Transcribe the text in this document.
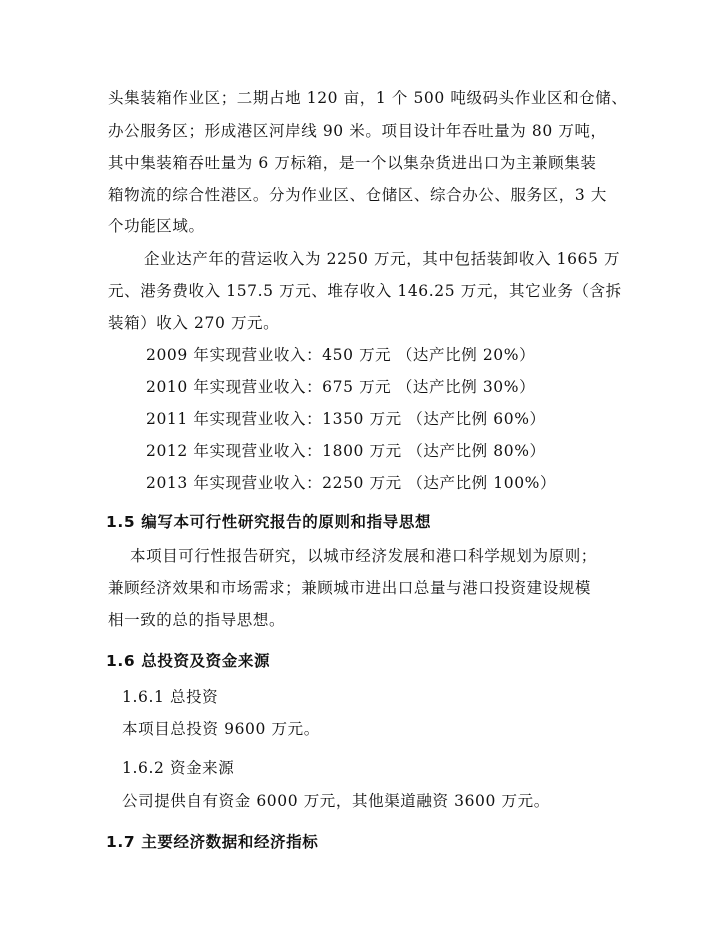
头集装箱作业区；二期占地 120 亩，1 个 500 吨级码头作业区和仓储、
办公服务区；形成港区河岸线 90 米。项目设计年吞吐量为 80 万吨，
其中集装箱吞吐量为 6 万标箱，是一个以集杂货进出口为主兼顾集装
箱物流的综合性港区。分为作业区、仓储区、综合办公、服务区，3 大
个功能区域。
企业达产年的营运收入为 2250 万元，其中包括装卸收入 1665 万
元、港务费收入 157.5 万元、堆存收入 146.25 万元，其它业务（含拆
装箱）收入 270 万元。
2009 年实现营业收入：450 万元 （达产比例 20%）
2010 年实现营业收入：675 万元 （达产比例 30%）
2011 年实现营业收入：1350 万元 （达产比例 60%）
2012 年实现营业收入：1800 万元 （达产比例 80%）
2013 年实现营业收入：2250 万元 （达产比例 100%）
1.5 编写本可行性研究报告的原则和指导思想
本项目可行性报告研究，以城市经济发展和港口科学规划为原则；
兼顾经济效果和市场需求；兼顾城市进出口总量与港口投资建设规模
相一致的总的指导思想。
1.6 总投资及资金来源
1.6.1 总投资
本项目总投资 9600 万元。
1.6.2 资金来源
公司提供自有资金 6000 万元，其他渠道融资 3600 万元。
1.7 主要经济数据和经济指标
